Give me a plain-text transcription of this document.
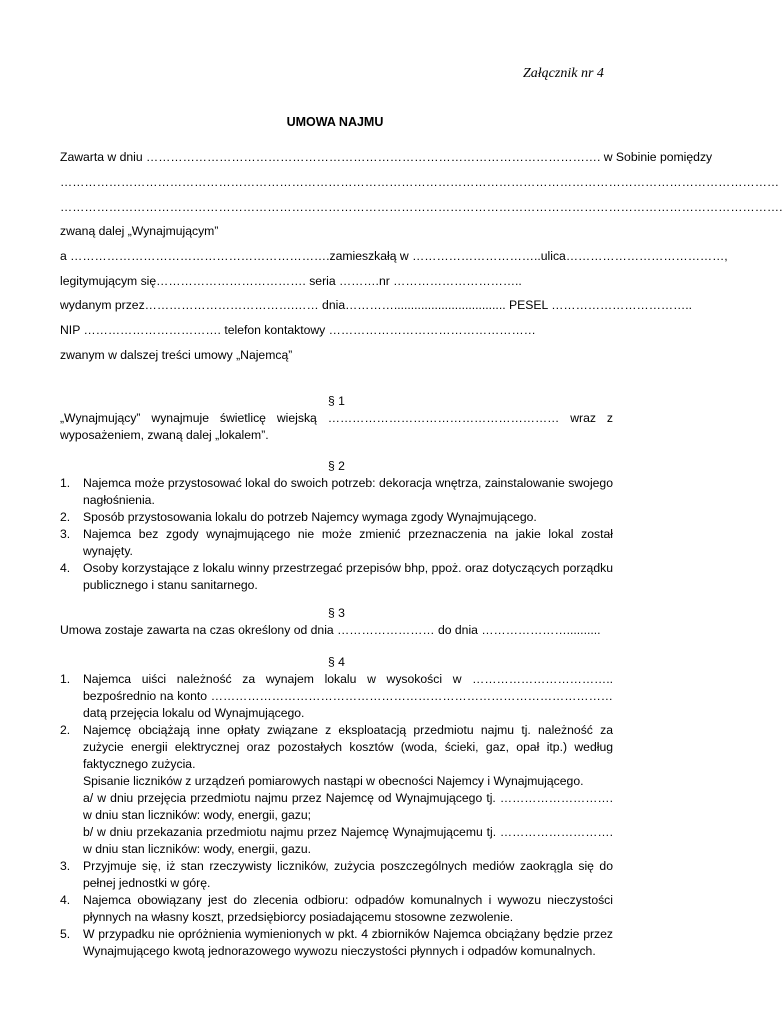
Załącznik nr 4
UMOWA NAJMU
Zawarta w dniu …………………………………………………………………………………………………. w Sobinie pomiędzy
……………………………………………………………………………………………………………………………………………………………
…………………………………………………………………………………………………………………………………………………………….
zwaną dalej „Wynajmującym”
a ……………………………………………………….zamieszkałą w …………………………..ulica…………………………………,
legitymującym się………………………………. seria ……….nr …………………………..
wydanym przez……………………………….…… dnia…………................................. PESEL ……………………………..
NIP ……………………………. telefon kontaktowy ……………………………………………
zwanym w dalszej treści umowy „Najemcą”
§ 1
„Wynajmujący” wynajmuje świetlicę wiejską ………………………………………………… wraz z wyposażeniem, zwaną dalej „lokalem”.
§ 2
1. Najemca może przystosować lokal do swoich potrzeb: dekoracja wnętrza, zainstalowanie swojego nagłośnienia.
2. Sposób przystosowania lokalu do potrzeb Najemcy wymaga zgody Wynajmującego.
3. Najemca bez zgody wynajmującego nie może zmienić przeznaczenia na jakie lokal został wynajęty.
4. Osoby korzystające z lokalu winny przestrzegać przepisów bhp, ppoż. oraz dotyczących porządku publicznego i stanu sanitarnego.
§ 3
Umowa zostaje zawarta na czas określony od dnia …………………… do dnia …………………..........
§ 4
1. Najemca uiści należność za wynajem lokalu w wysokości w …………………………….. bezpośrednio na konto ……………………………………………………………………………………… datą przejęcia lokalu od Wynajmującego.
2. Najemcę obciążają inne opłaty związane z eksploatacją przedmiotu najmu tj. należność za zużycie energii elektrycznej oraz pozostałych kosztów (woda, ścieki, gaz, opał itp.) według faktycznego zużycia.
Spisanie liczników z urządzeń pomiarowych nastąpi w obecności Najemcy i Wynajmującego.
a/ w dniu przejęcia przedmiotu najmu przez Najemcę od Wynajmującego tj. ………………………. w dniu stan liczników: wody, energii, gazu;
b/ w dniu przekazania przedmiotu najmu przez Najemcę Wynajmującemu tj. ………………………. w dniu stan liczników: wody, energii, gazu.
3. Przyjmuje się, iż stan rzeczywisty liczników, zużycia poszczególnych mediów zaokrągla się do pełnej jednostki w górę.
4. Najemca obowiązany jest do zlecenia odbioru: odpadów komunalnych i wywozu nieczystości płynnych na własny koszt, przedsiębiorcy posiadającemu stosowne zezwolenie.
5. W przypadku nie opróżnienia wymienionych w pkt. 4 zbiorników Najemca obciążany będzie przez Wynajmującego kwotą jednorazowego wywozu nieczystości płynnych i odpadów komunalnych.
